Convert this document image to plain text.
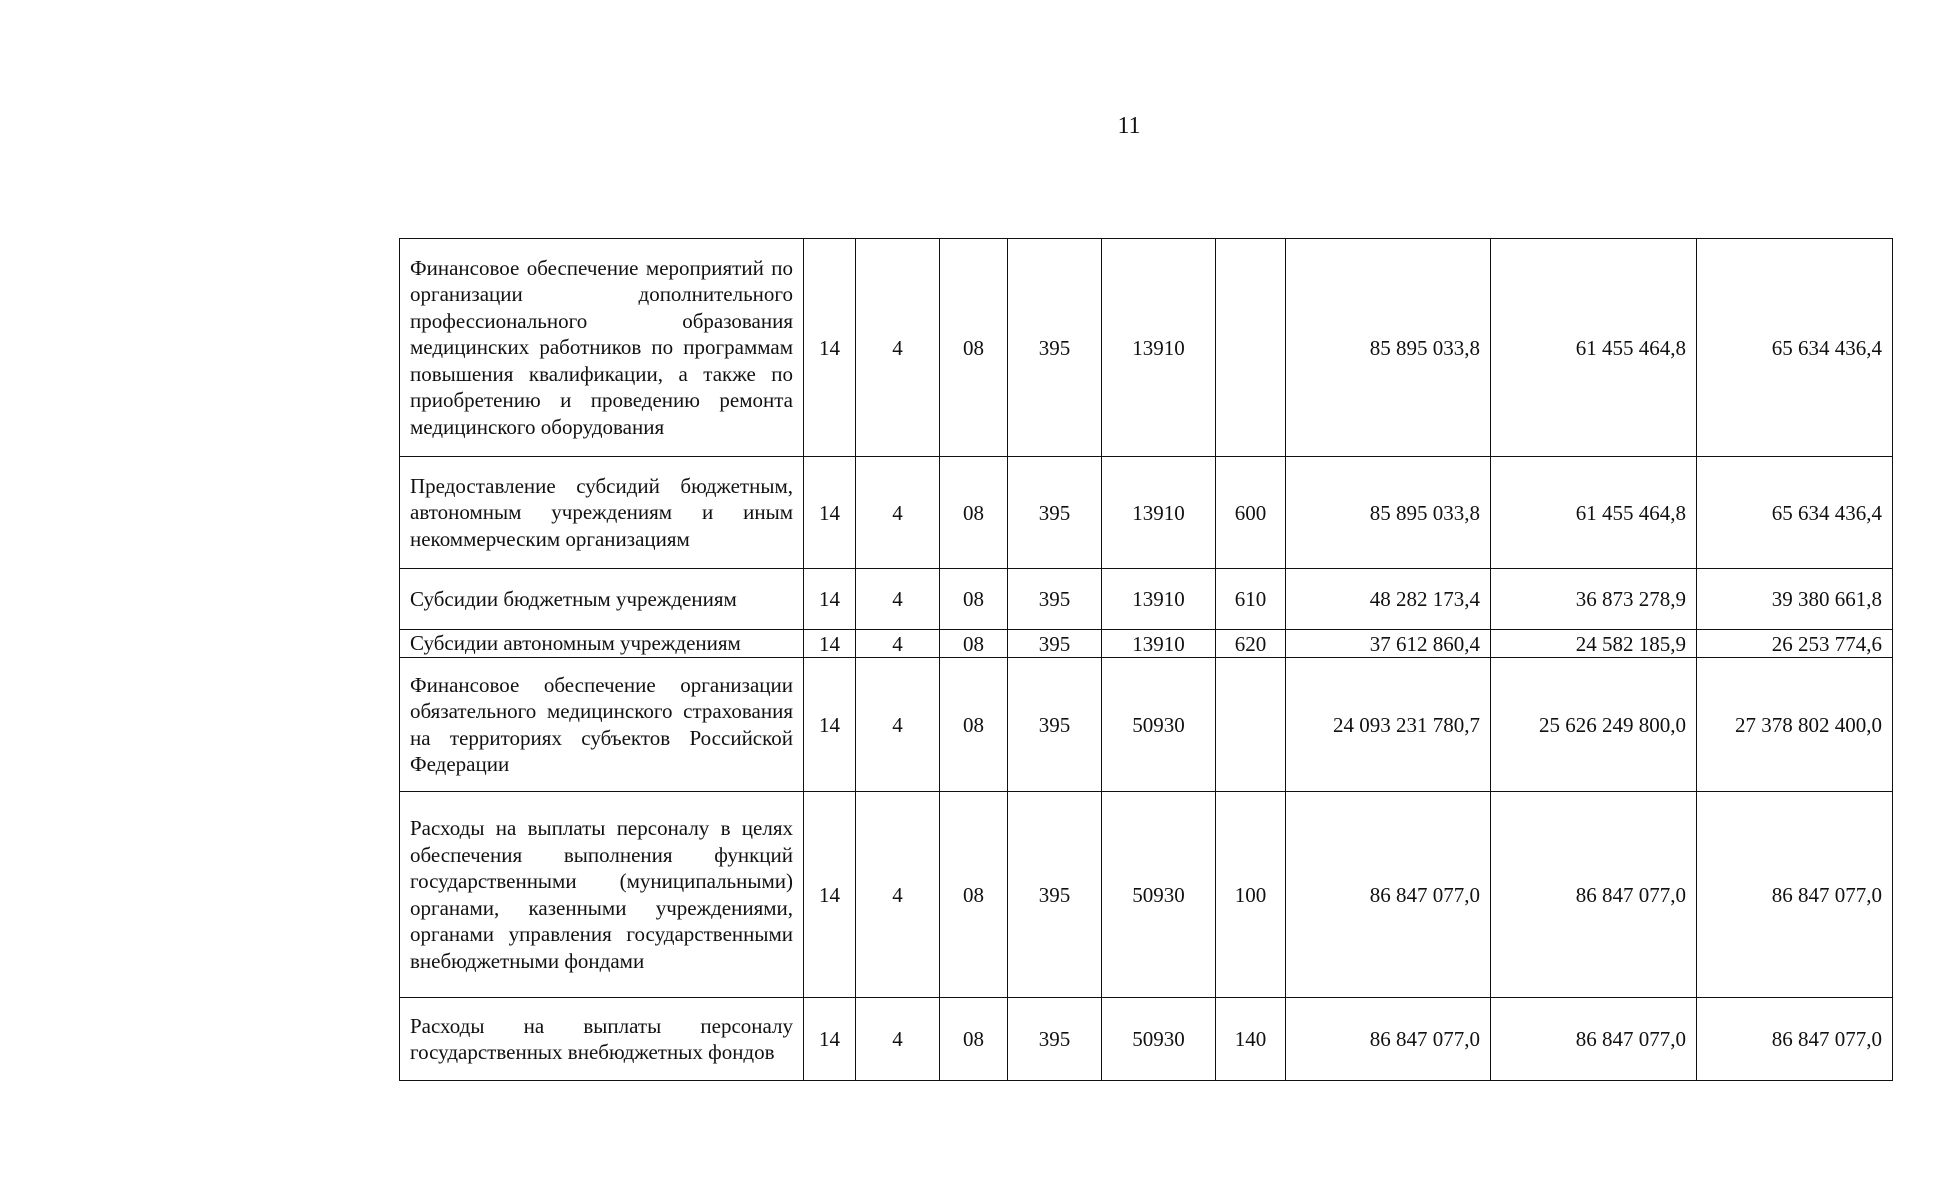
11
Финансовое обеспечение мероприятий по организации дополнительного профессионального образования медицинских работников по программам повышения квалификации, а также по приобретению и проведению ремонта медицинского оборудования	14	4	08	395	13910		85 895 033,8	61 455 464,8	65 634 436,4
Предоставление субсидий бюджетным, автономным учреждениям и иным некоммерческим организациям	14	4	08	395	13910	600	85 895 033,8	61 455 464,8	65 634 436,4
Субсидии бюджетным учреждениям	14	4	08	395	13910	610	48 282 173,4	36 873 278,9	39 380 661,8
Субсидии автономным учреждениям	14	4	08	395	13910	620	37 612 860,4	24 582 185,9	26 253 774,6
Финансовое обеспечение организации обязательного медицинского страхования на территориях субъектов Российской Федерации	14	4	08	395	50930		24 093 231 780,7	25 626 249 800,0	27 378 802 400,0
Расходы на выплаты персоналу в целях обеспечения выполнения функций государственными (муниципальными) органами, казенными учреждениями, органами управления государственными внебюджетными фондами	14	4	08	395	50930	100	86 847 077,0	86 847 077,0	86 847 077,0
Расходы на выплаты персоналу государственных внебюджетных фондов	14	4	08	395	50930	140	86 847 077,0	86 847 077,0	86 847 077,0
